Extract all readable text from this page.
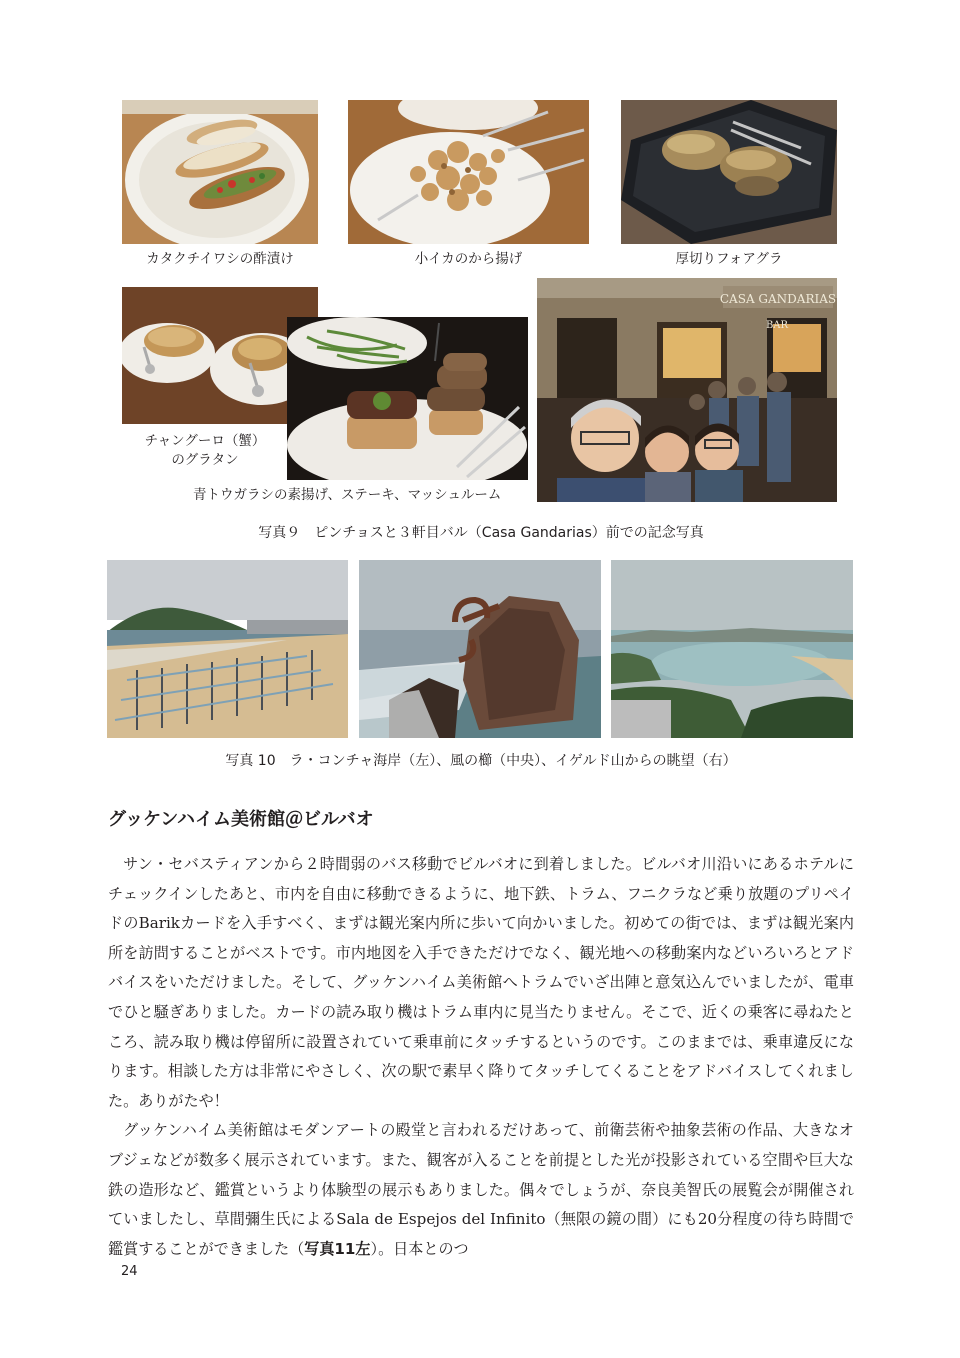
カタクチイワシの酢漬け	小イカのから揚げ	厚切りフォアグラ
CASA GANDARIAS
BAR
チャングーロ（蟹）
のグラタン
青トウガラシの素揚げ、ステーキ、マッシュルーム
写真９　ピンチョスと３軒目バル（Casa Gandarias）前での記念写真
写真 10　ラ・コンチャ海岸（左）、風の櫛（中央）、イゲルド山からの眺望（右）
グッケンハイム美術館＠ビルバオ

サン・セバスティアンから２時間弱のバス移動でビルバオに到着しました。ビルバオ川沿いにあるホテルにチェックインしたあと、市内を自由に移動できるように、地下鉄、トラム、フニクラなど乗り放題のプリペイドのBarikカードを入手すべく、まずは観光案内所に歩いて向かいました。初めての街では、まずは観光案内所を訪問することがベストです。市内地図を入手できただけでなく、観光地への移動案内などいろいろとアドバイスをいただけました。そして、グッケンハイム美術館へトラムでいざ出陣と意気込んでいましたが、電車でひと騒ぎありました。カードの読み取り機はトラム車内に見当たりません。そこで、近くの乗客に尋ねたところ、読み取り機は停留所に設置されていて乗車前にタッチするというのです。このままでは、乗車違反になります。相談した方は非常にやさしく、次の駅で素早く降りてタッチしてくることをアドバイスしてくれました。ありがたや！

グッケンハイム美術館はモダンアートの殿堂と言われるだけあって、前衛芸術や抽象芸術の作品、大きなオブジェなどが数多く展示されています。また、観客が入ることを前提とした光が投影されている空間や巨大な鉄の造形など、鑑賞というより体験型の展示もありました。偶々でしょうが、奈良美智氏の展覧会が開催されていましたし、草間彌生氏によるSala de Espejos del Infinito（無限の鏡の間）にも20分程度の待ち時間で鑑賞することができました（写真11左）。日本とのつ

24
